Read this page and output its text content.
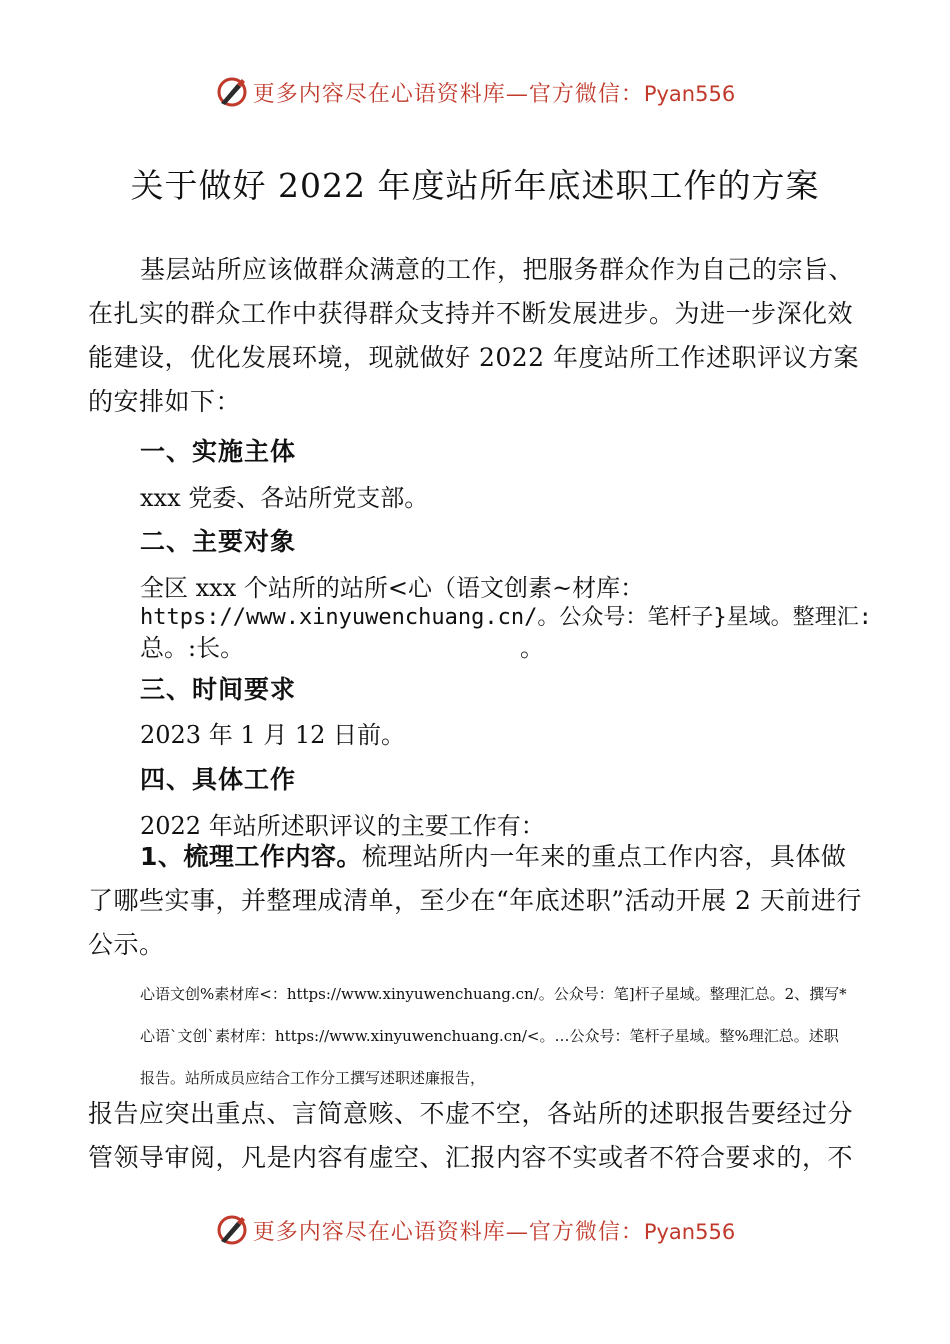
更多内容尽在心语资料库—官方微信：Pyan556
关于做好 2022 年度站所年底述职工作的方案

基层站所应该做群众满意的工作，把服务群众作为自己的宗旨、在扎实的群众工作中获得群众支持并不断发展进步。为进一步深化效能建设，优化发展环境，现就做好 2022 年度站所工作述职评议方案的安排如下：

一、实施主体

xxx 党委、各站所党支部。

二、主要对象

全区 xxx 个站所的站所<心（语文创素~材库：

https://www.xinyuwenchuang.cn/。公众号：笔杆子}星域。整理汇:

总。:长。	。

三、时间要求

2023 年 1 月 12 日前。

四、具体工作

2022 年站所述职评议的主要工作有：

1、梳理工作内容。梳理站所内一年来的重点工作内容，具体做了哪些实事，并整理成清单，至少在“年底述职”活动开展 2 天前进行公示。

心语文创%素材库<：https://www.xinyuwenchuang.cn/。公众号：笔]杆子星域。整理汇总。2、撰写*

心语`文创`素材库：https://www.xinyuwenchuang.cn/<。…公众号：笔杆子星域。整%理汇总。述职

报告。站所成员应结合工作分工撰写述职述廉报告，

报告应突出重点、言简意赅、不虚不空，各站所的述职报告要经过分管领导审阅，凡是内容有虚空、汇报内容不实或者不符合要求的，不

更多内容尽在心语资料库—官方微信：Pyan556
